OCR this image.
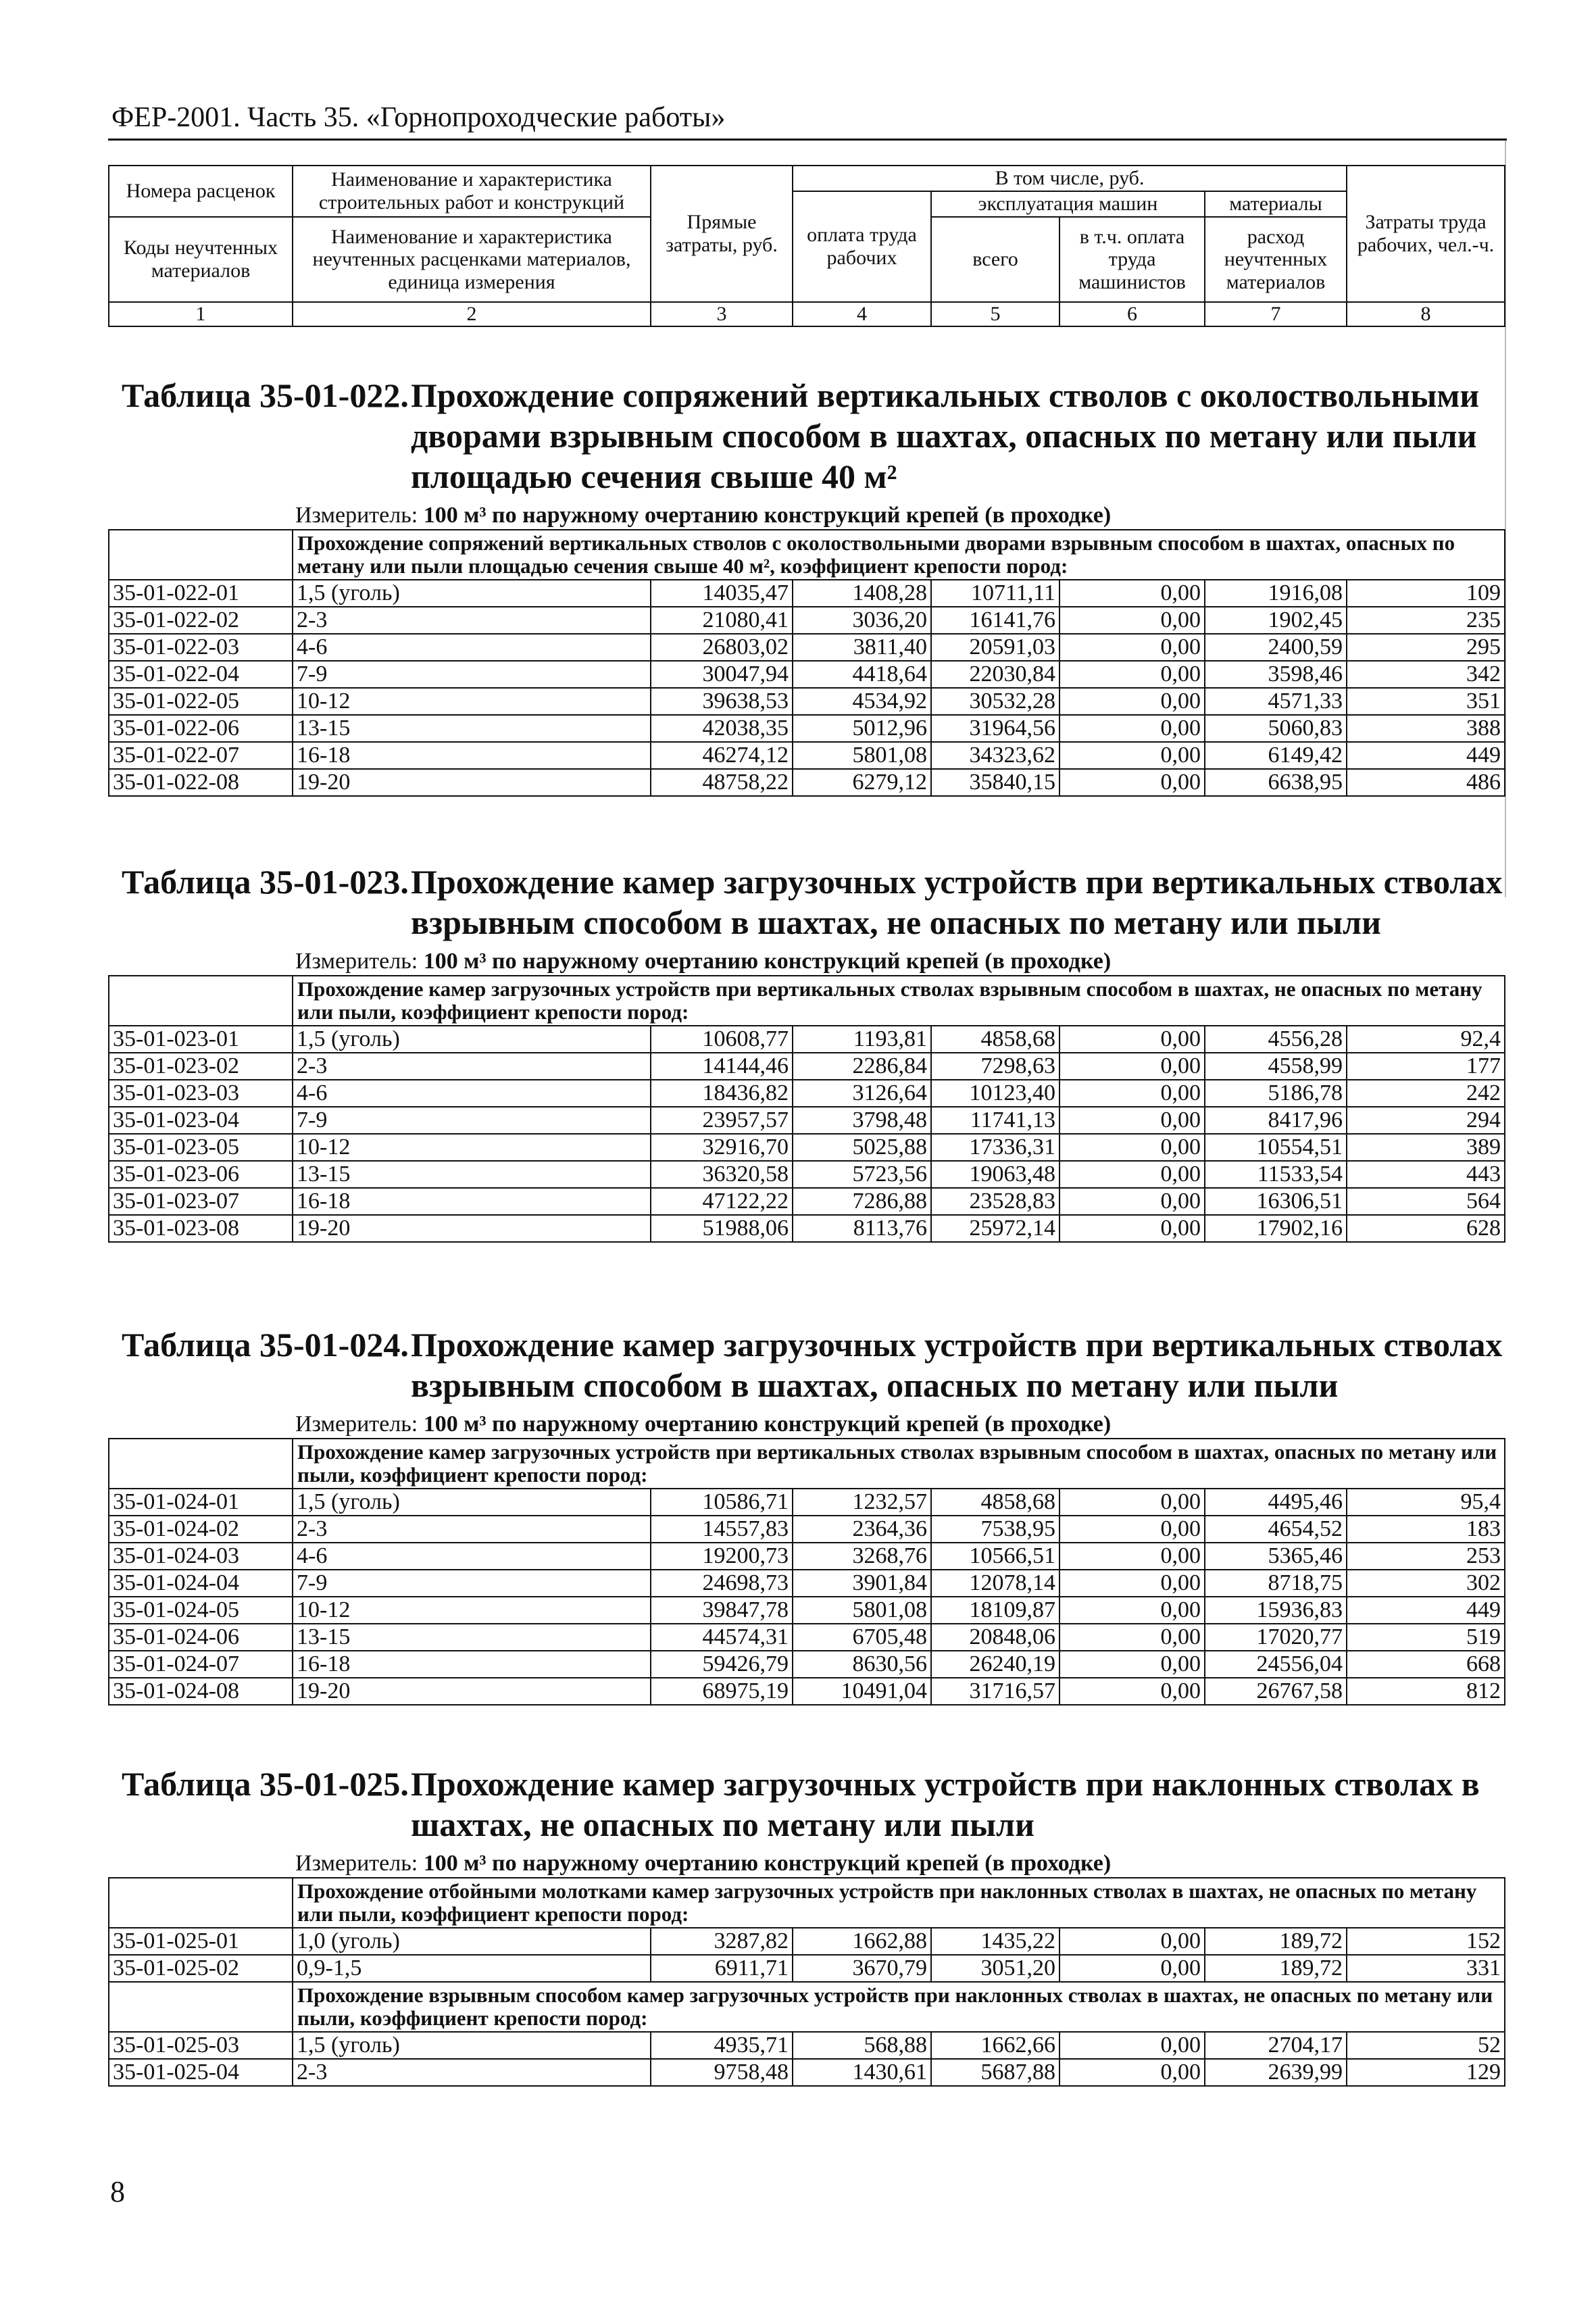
ФЕР-2001. Часть 35. «Горнопроходческие работы»
Номера расценок	Наименование и характеристика строительных работ и конструкций	Прямые затраты, руб.	В том числе, руб.				Затраты труда рабочих, чел.-ч.
			оплата труда рабочих	эксплуатация машин		материалы	
Коды неучтенных материалов	Наименование и характеристика неучтенных расценками материалов, единица измерения			всего	в т.ч. оплата труда машинистов	расход неучтенных материалов	

1	2	3	4	5	6	7	8
Таблица 35-01-022. Прохождение сопряжений вертикальных стволов с околоствольными дворами взрывным способом в шахтах, опасных по метану или пыли площадью сечения свыше 40 м²
Измеритель: 100 м³ по наружному очертанию конструкций крепей (в проходке)
	Прохождение сопряжений вертикальных стволов с околоствольными дворами взрывным способом в шахтах, опасных по метану или пыли площадью сечения свыше 40 м², коэффициент крепости пород:						
35-01-022-01	1,5 (уголь)	14035,47	1408,28	10711,11	0,00	1916,08	109
35-01-022-02	2-3	21080,41	3036,20	16141,76	0,00	1902,45	235
35-01-022-03	4-6	26803,02	3811,40	20591,03	0,00	2400,59	295
35-01-022-04	7-9	30047,94	4418,64	22030,84	0,00	3598,46	342
35-01-022-05	10-12	39638,53	4534,92	30532,28	0,00	4571,33	351
35-01-022-06	13-15	42038,35	5012,96	31964,56	0,00	5060,83	388
35-01-022-07	16-18	46274,12	5801,08	34323,62	0,00	6149,42	449
35-01-022-08	19-20	48758,22	6279,12	35840,15	0,00	6638,95	486
Таблица 35-01-023. Прохождение камер загрузочных устройств при вертикальных стволах взрывным способом в шахтах, не опасных по метану или пыли
Измеритель: 100 м³ по наружному очертанию конструкций крепей (в проходке)
	Прохождение камер загрузочных устройств при вертикальных стволах взрывным способом в шахтах, не опасных по метану или пыли, коэффициент крепости пород:						
35-01-023-01	1,5 (уголь)	10608,77	1193,81	4858,68	0,00	4556,28	92,4
35-01-023-02	2-3	14144,46	2286,84	7298,63	0,00	4558,99	177
35-01-023-03	4-6	18436,82	3126,64	10123,40	0,00	5186,78	242
35-01-023-04	7-9	23957,57	3798,48	11741,13	0,00	8417,96	294
35-01-023-05	10-12	32916,70	5025,88	17336,31	0,00	10554,51	389
35-01-023-06	13-15	36320,58	5723,56	19063,48	0,00	11533,54	443
35-01-023-07	16-18	47122,22	7286,88	23528,83	0,00	16306,51	564
35-01-023-08	19-20	51988,06	8113,76	25972,14	0,00	17902,16	628
Таблица 35-01-024. Прохождение камер загрузочных устройств при вертикальных стволах взрывным способом в шахтах, опасных по метану или пыли
Измеритель: 100 м³ по наружному очертанию конструкций крепей (в проходке)
	Прохождение камер загрузочных устройств при вертикальных стволах взрывным способом в шахтах, опасных по метану или пыли, коэффициент крепости пород:						
35-01-024-01	1,5 (уголь)	10586,71	1232,57	4858,68	0,00	4495,46	95,4
35-01-024-02	2-3	14557,83	2364,36	7538,95	0,00	4654,52	183
35-01-024-03	4-6	19200,73	3268,76	10566,51	0,00	5365,46	253
35-01-024-04	7-9	24698,73	3901,84	12078,14	0,00	8718,75	302
35-01-024-05	10-12	39847,78	5801,08	18109,87	0,00	15936,83	449
35-01-024-06	13-15	44574,31	6705,48	20848,06	0,00	17020,77	519
35-01-024-07	16-18	59426,79	8630,56	26240,19	0,00	24556,04	668
35-01-024-08	19-20	68975,19	10491,04	31716,57	0,00	26767,58	812
Таблица 35-01-025. Прохождение камер загрузочных устройств при наклонных стволах в шахтах, не опасных по метану или пыли
Измеритель: 100 м³ по наружному очертанию конструкций крепей (в проходке)
	Прохождение отбойными молотками камер загрузочных устройств при наклонных стволах в шахтах, не опасных по метану или пыли, коэффициент крепости пород:						
35-01-025-01	1,0 (уголь)	3287,82	1662,88	1435,22	0,00	189,72	152
35-01-025-02	0,9-1,5	6911,71	3670,79	3051,20	0,00	189,72	331
	Прохождение взрывным способом камер загрузочных устройств при наклонных стволах в шахтах, не опасных по метану или пыли, коэффициент крепости пород:						
35-01-025-03	1,5 (уголь)	4935,71	568,88	1662,66	0,00	2704,17	52
35-01-025-04	2-3	9758,48	1430,61	5687,88	0,00	2639,99	129
8
